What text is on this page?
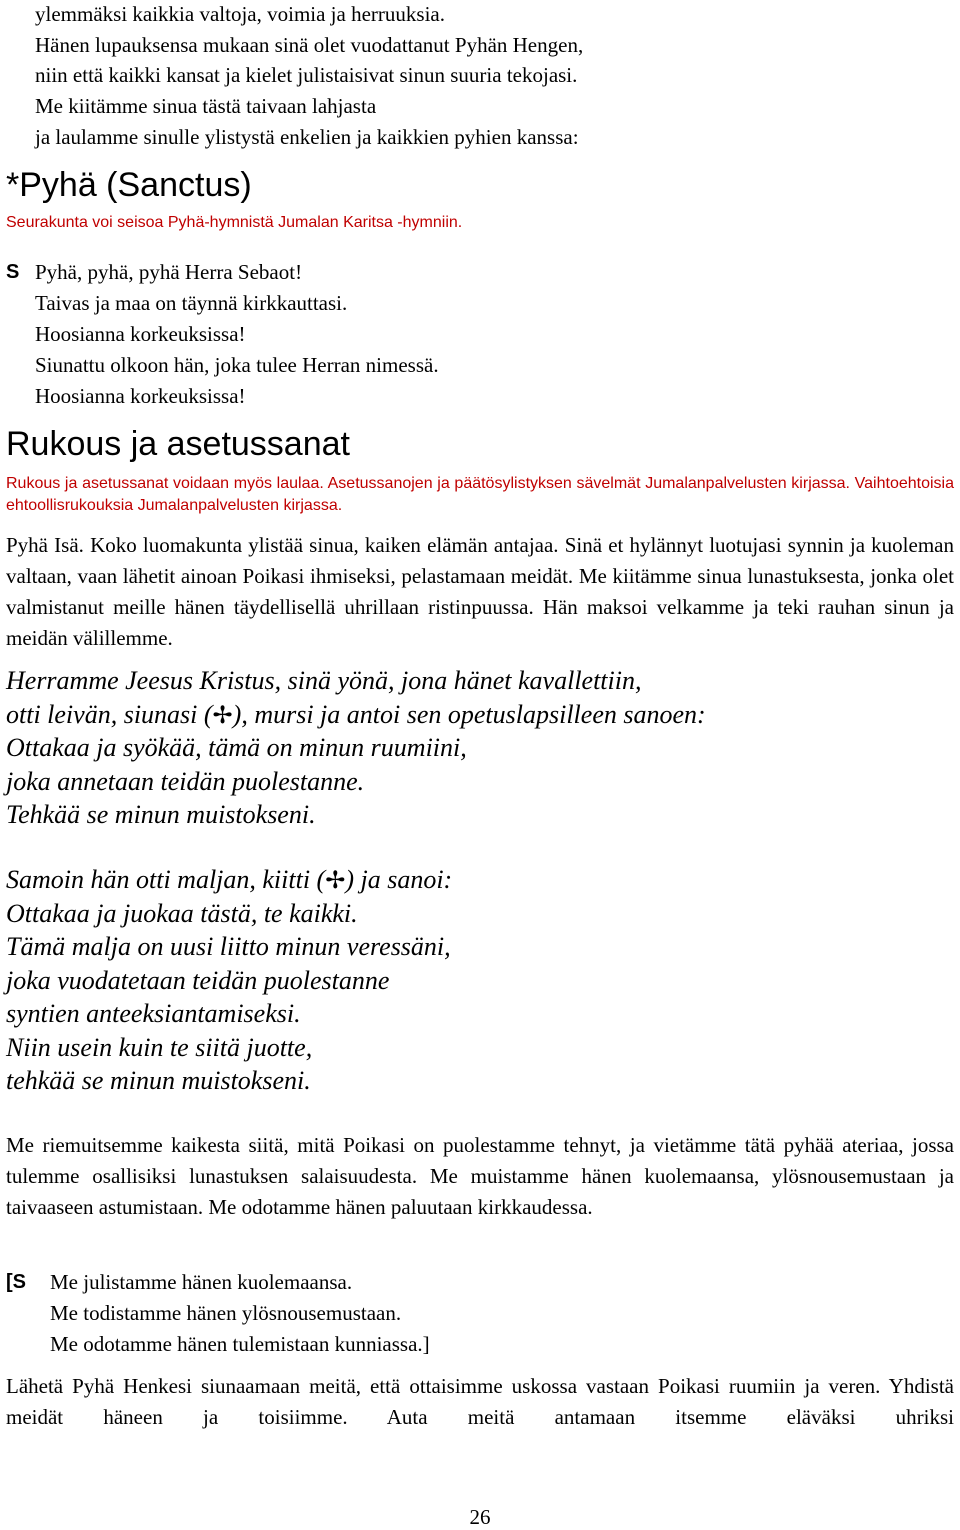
ylemmäksi kaikkia valtoja, voimia ja herruuksia.
Hänen lupauksensa mukaan sinä olet vuodattanut Pyhän Hengen,
niin että kaikki kansat ja kielet julistaisivat sinun suuria tekojasi.
Me kiitämme sinua tästä taivaan lahjasta
ja laulamme sinulle ylistystä enkelien ja kaikkien pyhien kanssa:
*Pyhä (Sanctus)
Seurakunta voi seisoa Pyhä-hymnistä Jumalan Karitsa -hymniin.
S Pyhä, pyhä, pyhä Herra Sebaot!
Taivas ja maa on täynnä kirkkauttasi.
Hoosianna korkeuksissa!
Siunattu olkoon hän, joka tulee Herran nimessä.
Hoosianna korkeuksissa!
Rukous ja asetussanat
Rukous ja asetussanat voidaan myös laulaa. Asetussanojen ja päätösylistyksen sävelmät Jumalanpalvelusten kirjassa. Vaihtoehtoisia ehtoollisrukouksia Jumalanpalvelusten kirjassa.
Pyhä Isä. Koko luomakunta ylistää sinua, kaiken elämän antajaa. Sinä et hylännyt luotujasi synnin ja kuoleman valtaan, vaan lähetit ainoan Poikasi ihmiseksi, pelastamaan meidät. Me kiitämme sinua lunastuksesta, jonka olet valmistanut meille hänen täydellisellä uhrillaan ristinpuussa. Hän maksoi velkamme ja teki rauhan sinun ja meidän välillemme.
Herramme Jeesus Kristus, sinä yönä, jona hänet kavallettiin,
otti leivän, siunasi (✢), mursi ja antoi sen opetuslapsilleen sanoen:
Ottakaa ja syökää, tämä on minun ruumiini,
joka annetaan teidän puolestanne.
Tehkää se minun muistokseni.
Samoin hän otti maljan, kiitti (✢) ja sanoi:
Ottakaa ja juokaa tästä, te kaikki.
Tämä malja on uusi liitto minun veressäni,
joka vuodatetaan teidän puolestanne
syntien anteeksiantamiseksi.
Niin usein kuin te siitä juotte,
tehkää se minun muistokseni.
Me riemuitsemme kaikesta siitä, mitä Poikasi on puolestamme tehnyt, ja vietämme tätä pyhää ateriaa, jossa tulemme osallisiksi lunastuksen salaisuudesta. Me muistamme hänen kuolemaansa, ylösnousemustaan ja taivaaseen astumistaan. Me odotamme hänen paluutaan kirkkaudessa.
[S Me julistamme hänen kuolemaansa.
Me todistamme hänen ylösnousemustaan.
Me odotamme hänen tulemistaan kunniassa.]
Lähetä Pyhä Henkesi siunaamaan meitä, että ottaisimme uskossa vastaan Poikasi ruumiin ja veren. Yhdistä meidät häneen ja toisiimme. Auta meitä antamaan itsemme eläväksi uhriksi
26
